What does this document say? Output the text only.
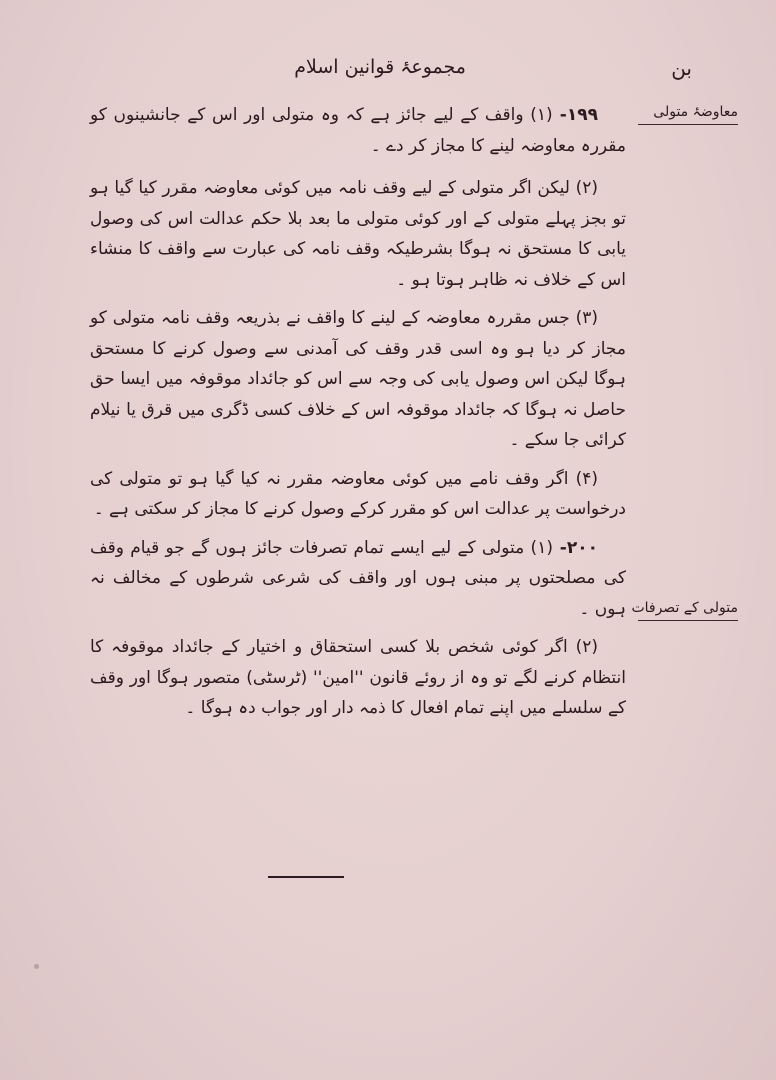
بن
مجموعۂ قوانین اسلام
معاوضۂ متولی
متولی کے تصرفات

۱۹۹- (۱) واقف کے لیے جائز ہے کہ وہ متولی اور اس کے جانشینوں کو مقررہ معاوضہ لینے کا مجاز کر دے ۔

(۲) لیکن اگر متولی کے لیے وقف نامہ میں کوئی معاوضہ مقرر کیا گیا ہو تو بجز پہلے متولی کے اور کوئی متولی ما بعد بلا حکم عدالت اس کی وصول یابی کا مستحق نہ ہوگا بشرطیکہ وقف نامہ کی عبارت سے واقف کا منشاء اس کے خلاف نہ ظاہر ہوتا ہو ۔

(۳) جس مقررہ معاوضہ کے لینے کا واقف نے بذریعہ وقف نامہ متولی کو مجاز کر دیا ہو وہ اسی قدر وقف کی آمدنی سے وصول کرنے کا مستحق ہوگا لیکن اس وصول یابی کی وجہ سے اس کو جائداد موقوفہ میں ایسا حق حاصل نہ ہوگا کہ جائداد موقوفہ اس کے خلاف کسی ڈگری میں قرق یا نیلام کرائی جا سکے ۔

(۴) اگر وقف نامے میں کوئی معاوضہ مقرر نہ کیا گیا ہو تو متولی کی درخواست پر عدالت اس کو مقرر کرکے وصول کرنے کا مجاز کر سکتی ہے ۔

۲۰۰- (۱) متولی کے لیے ایسے تمام تصرفات جائز ہوں گے جو قیام وقف کی مصلحتوں پر مبنی ہوں اور واقف کی شرعی شرطوں کے مخالف نہ ہوں ۔

(۲) اگر کوئی شخص بلا کسی استحقاق و اختیار کے جائداد موقوفہ کا انتظام کرنے لگے تو وہ از روئے قانون ''امین'' (ٹرسٹی) متصور ہوگا اور وقف کے سلسلے میں اپنے تمام افعال کا ذمہ دار اور جواب دہ ہوگا ۔
